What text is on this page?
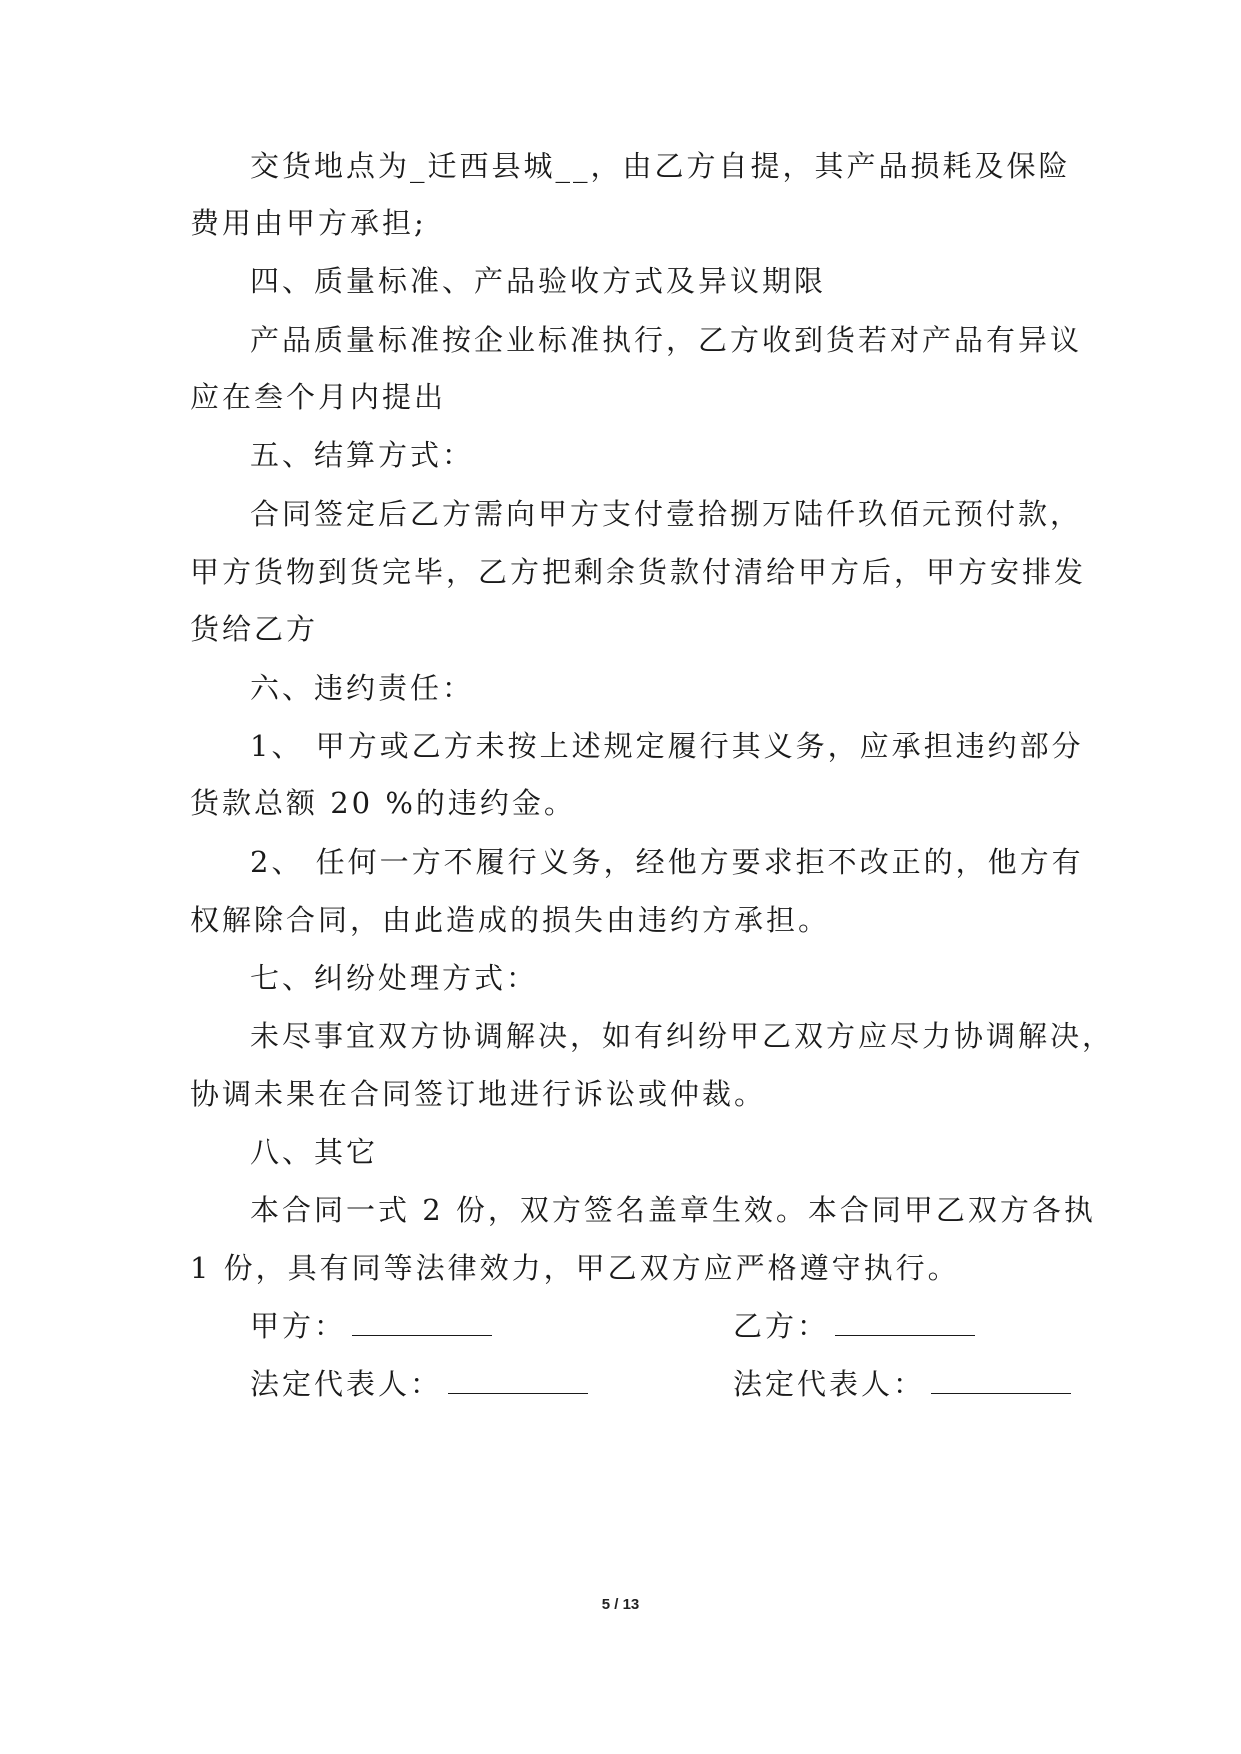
交货地点为_迁西县城__，由乙方自提，其产品损耗及保险
费用由甲方承担;
四、质量标准、产品验收方式及异议期限
产品质量标准按企业标准执行，乙方收到货若对产品有异议
应在叁个月内提出
五、结算方式：
合同签定后乙方需向甲方支付壹拾捌万陆仟玖佰元预付款，
甲方货物到货完毕，乙方把剩余货款付清给甲方后，甲方安排发
货给乙方
六、违约责任：
1、 甲方或乙方未按上述规定履行其义务，应承担违约部分
货款总额 20 %的违约金。
2、 任何一方不履行义务，经他方要求拒不改正的，他方有
权解除合同，由此造成的损失由违约方承担。
七、纠纷处理方式：
未尽事宜双方协调解决，如有纠纷甲乙双方应尽力协调解决，
协调未果在合同签订地进行诉讼或仲裁。
八、其它
本合同一式 2 份，双方签名盖章生效。本合同甲乙双方各执
1 份，具有同等法律效力，甲乙双方应严格遵守执行。
甲方：	乙方：
法定代表人：	法定代表人：
5 / 13
